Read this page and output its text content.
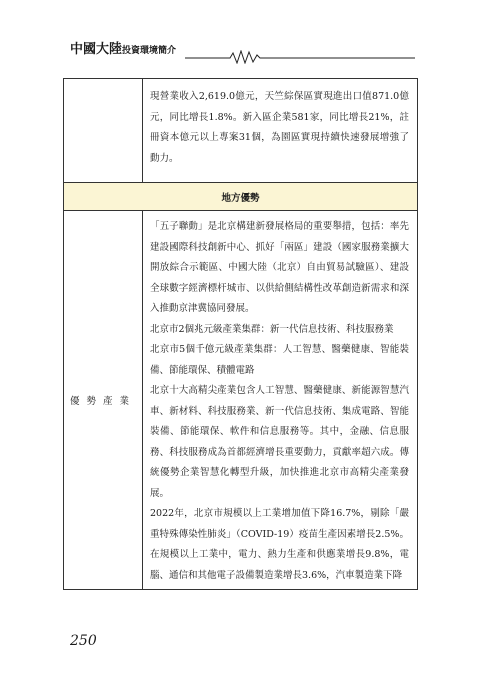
中國大陸投資環境簡介
現營業收入2,619.0億元，天竺綜保區實現進出口值871.0億元，同比增長1.8%。新入區企業581家，同比增長21%，註冊資本億元以上專案31個，為園區實現持續快速發展增強了動力。
地方優勢
優勢產業

「五子聯動」是北京構建新發展格局的重要舉措，包括：率先建設國際科技創新中心、抓好「兩區」建設（國家服務業擴大開放綜合示範區、中國大陸（北京）自由貿易試驗區）、建設全球數字經濟標杆城市、以供給側結構性改革創造新需求和深入推動京津冀協同發展。

北京市2個兆元級產業集群：新一代信息技術、科技服務業

北京市5個千億元級產業集群：人工智慧、醫藥健康、智能裝備、節能環保、積體電路

北京十大高精尖產業包含人工智慧、醫藥健康、新能源智慧汽車、新材料、科技服務業、新一代信息技術、集成電路、智能裝備、節能環保、軟件和信息服務等。其中，金融、信息服務、科技服務成為首都經濟增長重要動力，貢獻率超六成。傳統優勢企業智慧化轉型升級，加快推進北京市高精尖產業發展。

2022年，北京市規模以上工業增加值下降16.7%，剔除「嚴重特殊傳染性肺炎」（COVID-19）疫苗生產因素增長2.5%。在規模以上工業中，電力、熱力生產和供應業增長9.8%，電腦、通信和其他電子設備製造業增長3.6%，汽車製造業下降

250
